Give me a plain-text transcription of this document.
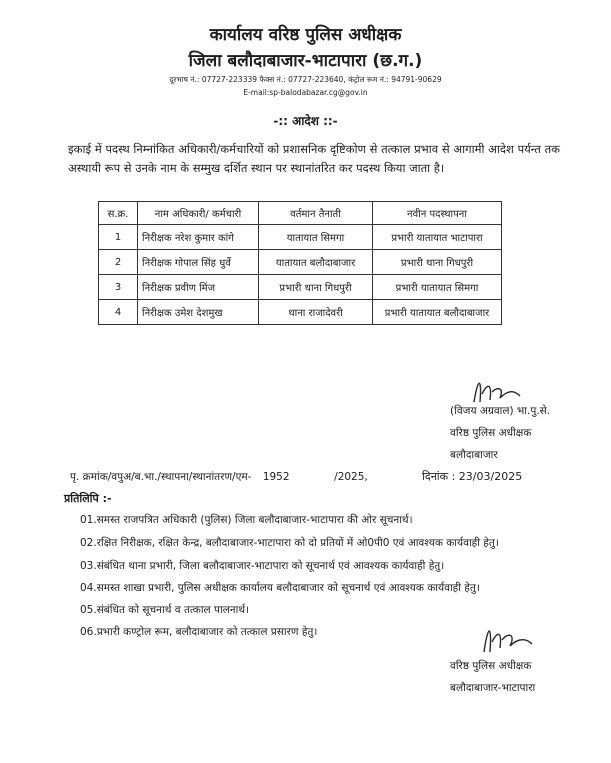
कार्यालय वरिष्ठ पुलिस अधीक्षक
जिला बलौदाबाजार-भाटापारा (छ.ग.)
दूरभाष नं.: 07727-223339 फैक्स नं.: 07727-223640, कंट्रोल रूम नं.: 94791-90629
E-mail:sp-balodabazar.cg@gov.in
-:: आदेश ::-
इकाई में पदस्थ निम्नांकित अधिकारी/कर्मचारियों को प्रशासनिक दृष्टिकोण से तत्काल प्रभाव से आगामी आदेश पर्यन्त तक अस्थायी रूप से उनके नाम के सम्मुख दर्शित स्थान पर स्थानांतरित कर पदस्थ किया जाता है।
स.क्र.	नाम अधिकारी/ कर्मचारी	वर्तमान तैनाती	नवीन पदस्थापना
1	निरीक्षक नरेश कुमार कांगे	यातायात सिमगा	प्रभारी यातायात भाटापारा
2	निरीक्षक गोपाल सिंह धुर्वे	यातायात बलौदाबाजार	प्रभारी थाना गिधपुरी
3	निरीक्षक प्रवीण मिंज	प्रभारी थाना गिधपुरी	प्रभारी यातायात सिमगा
4	निरीक्षक उमेश देशमुख	थाना राजादेवरी	प्रभारी यातायात बलौदाबाजार
(विजय अग्रवाल) भा.पु.से.
वरिष्ठ पुलिस अधीक्षक
बलौदाबाजार
पृ. क्रमांक/वपुअ/ब.भा./स्थापना/स्थानांतरण/एम- 1952	/2025,	दिनांक : 23/03/2025
प्रतिलिपि :-
01.समस्त राजपत्रित अधिकारी (पुलिस) जिला बलौदाबाजार-भाटापारा की ओर सूचनार्थ।
02.रक्षित निरीक्षक, रक्षित केन्द्र, बलौदाबाजार-भाटापारा को दो प्रतियों में ओ0पी0 एवं आवश्यक कार्यवाही हेतु।
03.संबंधित थाना प्रभारी, जिला बलौदाबाजार-भाटापारा को सूचनार्थ एवं आवश्यक कार्यवाही हेतु।
04.समस्त शाखा प्रभारी, पुलिस अधीक्षक कार्यालय बलौदाबाजार को सूचनार्थ एवं आवश्यक कार्यवाही हेतु।
05.संबंधित को सूचनार्थ व तत्काल पालनार्थ।
06.प्रभारी कण्ट्रोल रूम, बलौदाबाजार को तत्काल प्रसारण हेतु।
वरिष्ठ पुलिस अधीक्षक
बलौदाबाजार-भाटापारा
